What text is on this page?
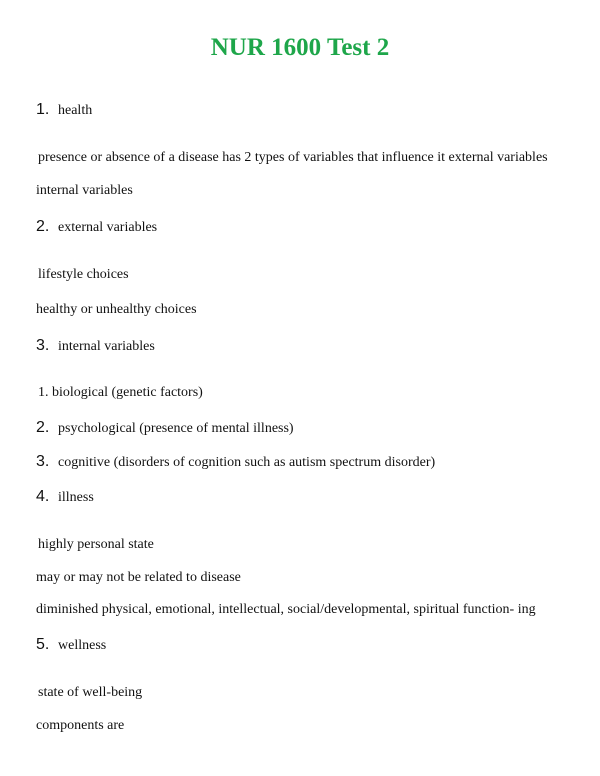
NUR 1600 Test 2
1. health
presence or absence of a disease has 2 types of variables that influence it external variables
internal variables
2. external variables
lifestyle choices
healthy or unhealthy choices
3. internal variables
1. biological (genetic factors)
2. psychological (presence of mental illness)
3. cognitive (disorders of cognition such as autism spectrum disorder)
4. illness
highly personal state
may or may not be related to disease
diminished physical, emotional, intellectual, social/developmental, spiritual function- ing
5. wellness
state of well-being
components are
